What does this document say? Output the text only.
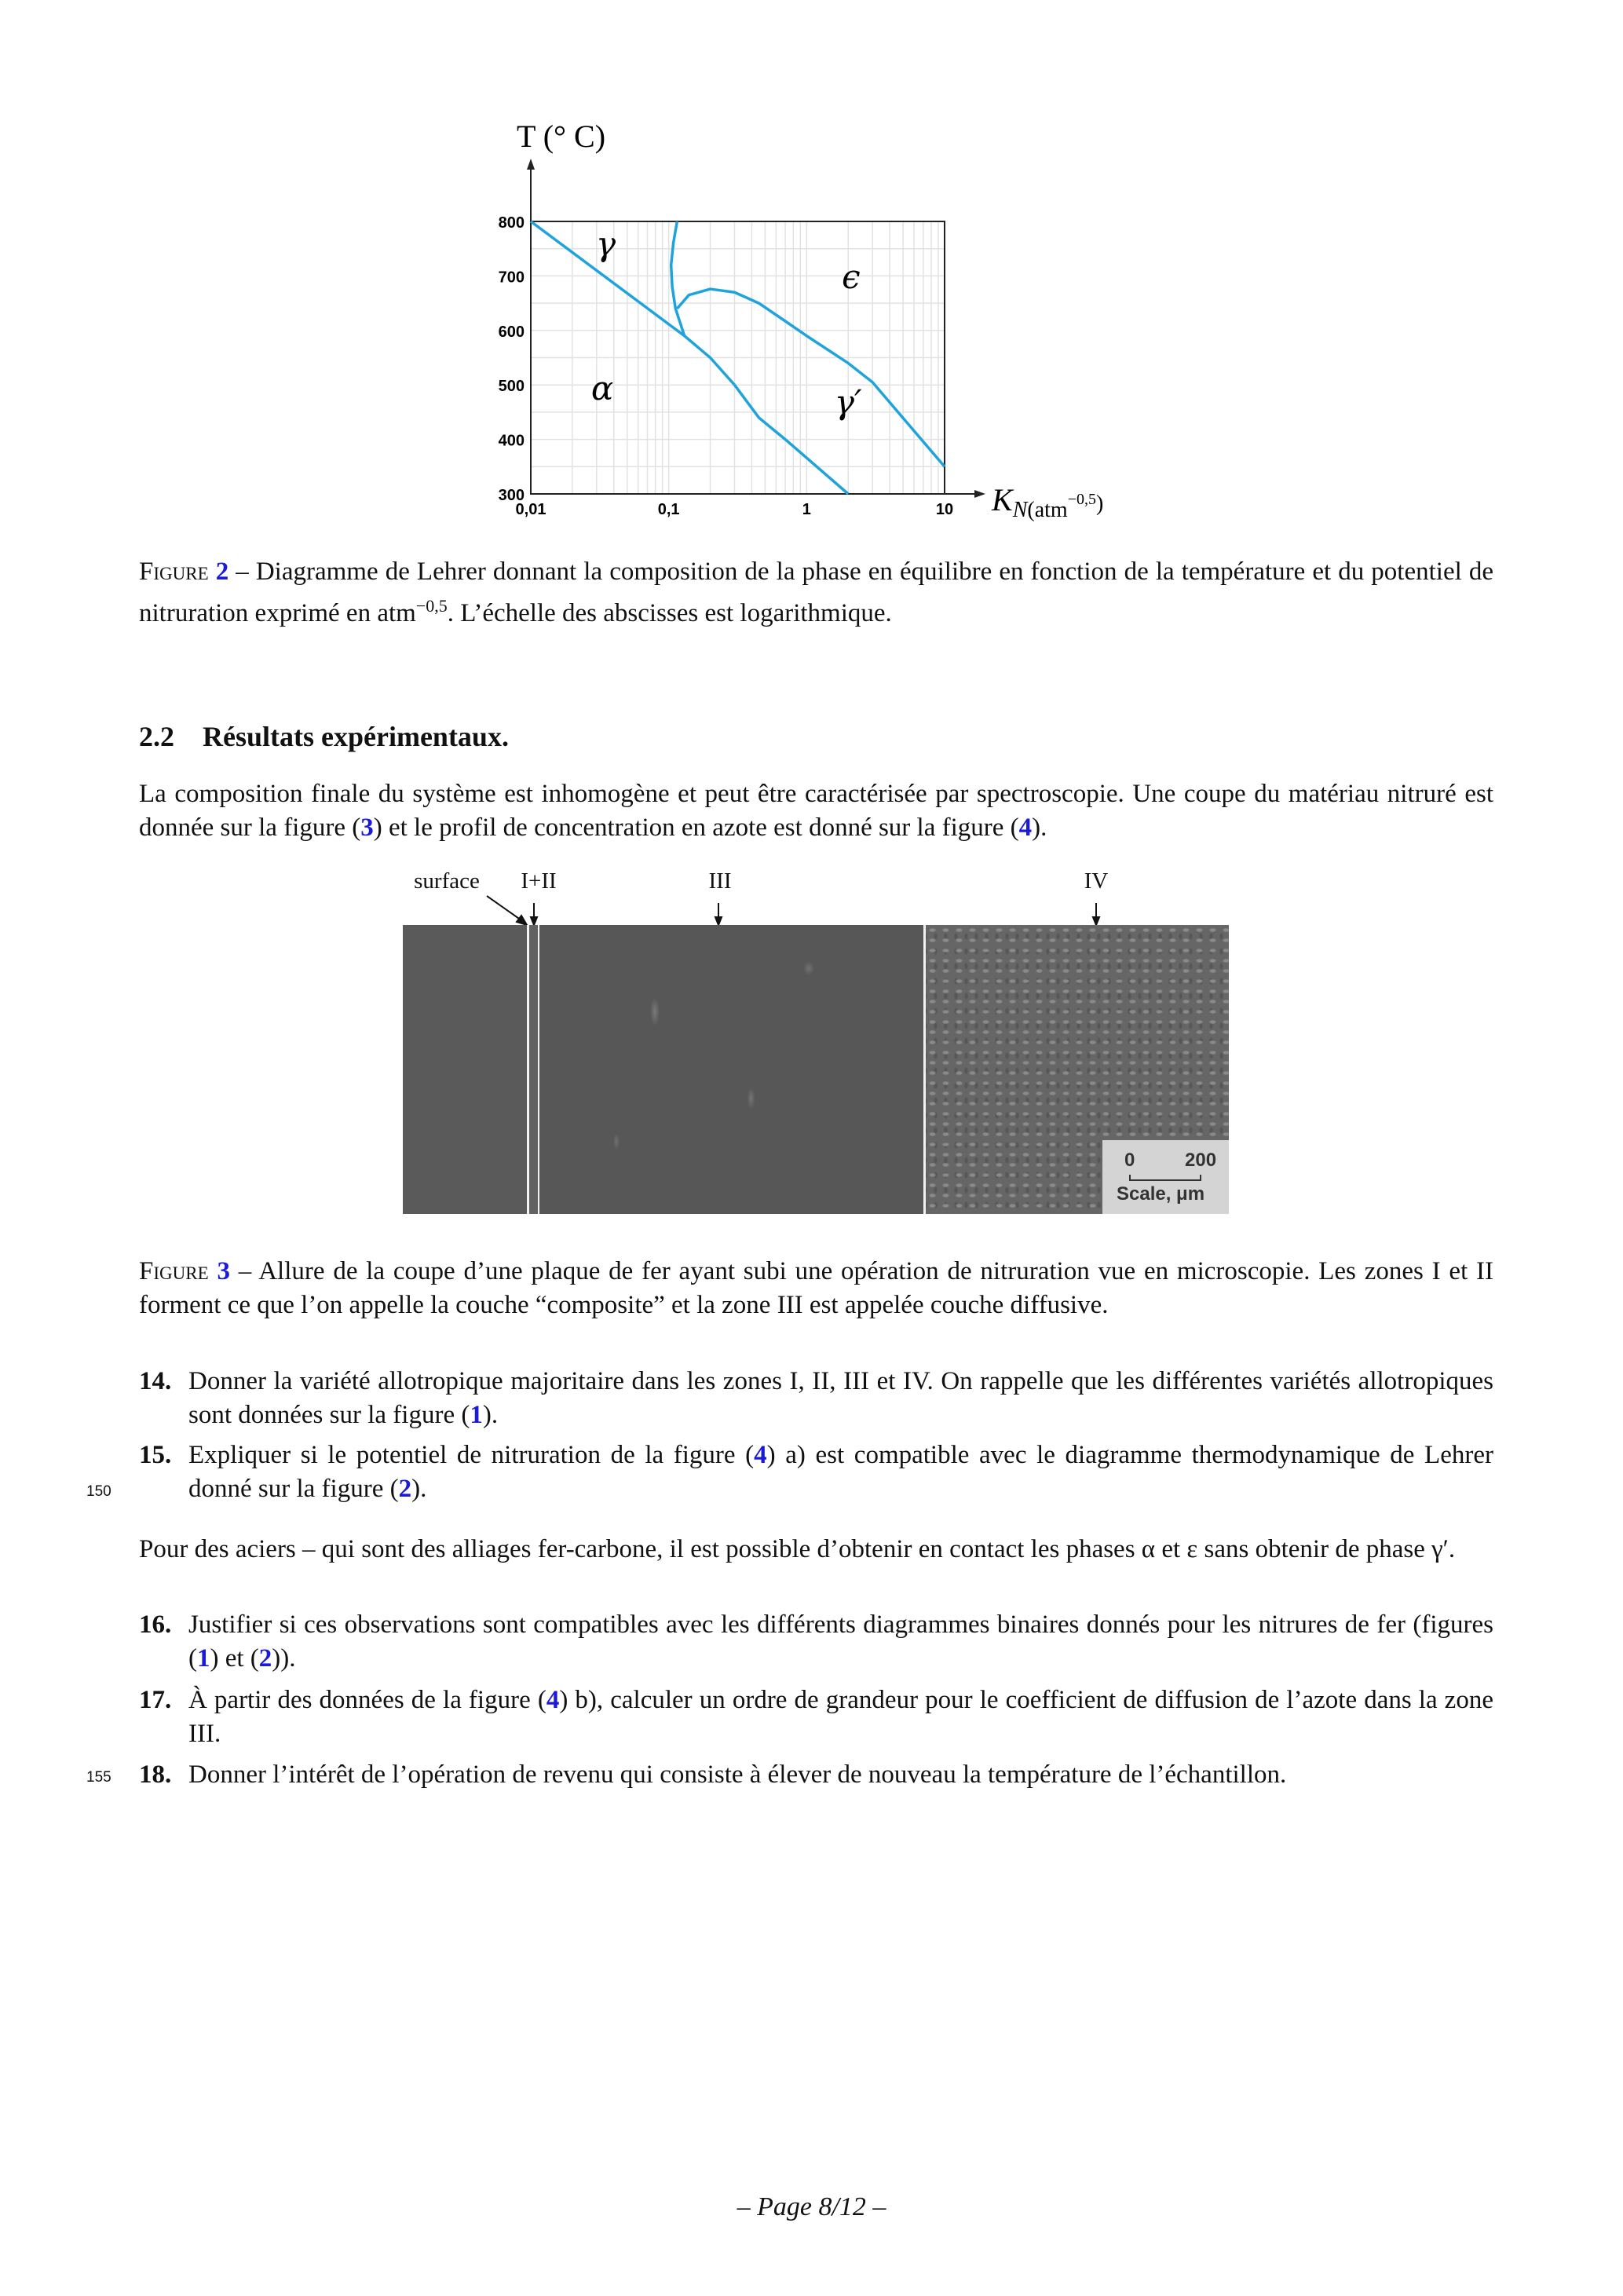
300
400
500
600
700
800
0,01	0,1	1	10
γ
ϵ
α	γ′
T (° C)
$K_N(atm^{-0,5}_)$
Figure 2 – Diagramme de Lehrer donnant la composition de la phase en équilibre en fonction de la température et du potentiel de nitruration exprimé en atm$^{-0,5}$. L’échelle des abscisses est logarithmique.
2.2 Résultats expérimentaux.
La composition finale du système est inhomogène et peut être caractérisée par spectroscopie. Une coupe du matériau nitruré est donnée sur la figure (3) et le profil de concentration en azote est donné sur la figure (4).
surface I+II	III	IV
0	200
Scale, μm
Figure 3 – Allure de la coupe d’une plaque de fer ayant subi une opération de nitruration vue en microscopie. Les zones I et II forment ce que l’on appelle la couche “composite” et la zone III est appelée couche diffusive.
14. Donner la variété allotropique majoritaire dans les zones I, II, III et IV. On rappelle que les différentes variétés allotropiques sont données sur la figure (1).
15. Expliquer si le potentiel de nitruration de la figure (4) a) est compatible avec le diagramme thermodynamique de Lehrer donné sur la figure (2).
150
Pour des aciers – qui sont des alliages fer-carbone, il est possible d’obtenir en contact les phases α et ε sans obtenir de phase γ′.
16. Justifier si ces observations sont compatibles avec les différents diagrammes binaires donnés pour les nitrures de fer (figures (1) et (2)).
17. À partir des données de la figure (4) b), calculer un ordre de grandeur pour le coefficient de diffusion de l’azote dans la zone III.
18. Donner l’intérêt de l’opération de revenu qui consiste à élever de nouveau la température de l’échantillon.
155
– Page 8/12 –
